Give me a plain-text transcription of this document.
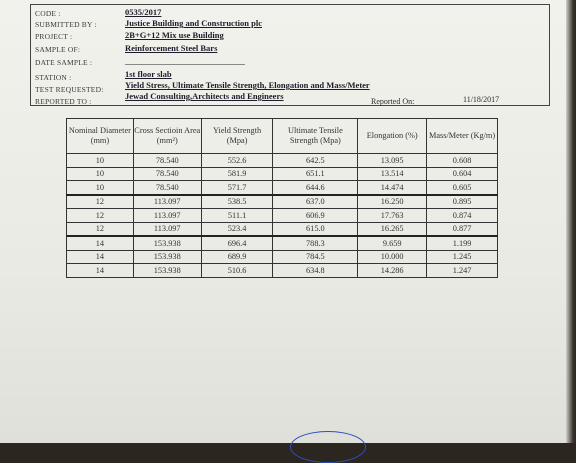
CODE :	0535/2017
SUBMITTED BY :	Justice Building and Construction plc
PROJECT :	2B+G+12 Mix use Building
SAMPLE OF:	Reinforcement Steel Bars
DATE SAMPLE :
STATION :	1st floor slab
TEST REQUESTED:	Yield Stress, Ultimate Tensile Strength, Elongation and Mass/Meter
REPORTED TO :
Jewad Consulting,Architects and Engineers
Reported On:	11/18/2017
Nominal Diameter (mm)	Cross Sectioin Area (mm²)	Yield Strength (Mpa)	Ultimate Tensile Strength (Mpa)	Elongation (%)	Mass/Meter (Kg/m)
10	78.540	552.6	642.5	13.095	0.608
10	78.540	581.9	651.1	13.514	0.604
10	78.540	571.7	644.6	14.474	0.605
12	113.097	538.5	637.0	16.250	0.895
12	113.097	511.1	606.9	17.763	0.874
12	113.097	523.4	615.0	16.265	0.877
14	153.938	696.4	788.3	9.659	1.199
14	153.938	689.9	784.5	10.000	1.245
14	153.938	510.6	634.8	14.286	1.247
